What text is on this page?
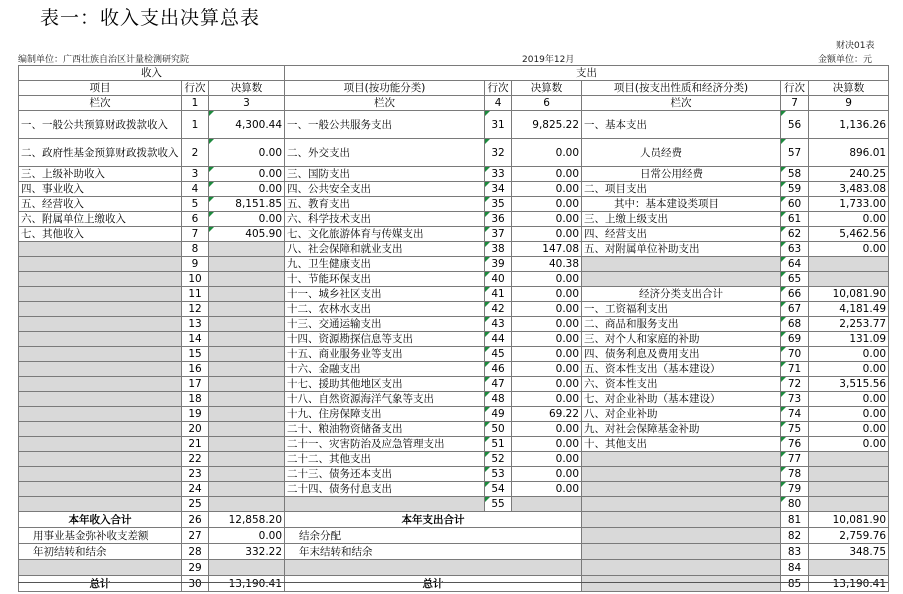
表一：收入支出决算总表
财决01表
编制单位：广西壮族自治区计量检测研究院	2019年12月	金额单位：元
收入			支出					
项目	行次	决算数	项目(按功能分类)	行次	决算数	项目(按支出性质和经济分类)	行次	决算数
栏次	1	3	栏次	4	6	栏次	7	9
一、一般公共预算财政拨款收入	1	4,300.44	一、一般公共服务支出	31	9,825.22	一、基本支出	56	1,136.26
二、政府性基金预算财政拨款收入	2	0.00	二、外交支出	32	0.00	人员经费	57	896.01
三、上级补助收入	3	0.00	三、国防支出	33	0.00	日常公用经费	58	240.25
四、事业收入	4	0.00	四、公共安全支出	34	0.00	二、项目支出	59	3,483.08
五、经营收入	5	8,151.85	五、教育支出	35	0.00	其中：基本建设类项目	60	1,733.00
六、附属单位上缴收入	6	0.00	六、科学技术支出	36	0.00	三、上缴上级支出	61	0.00
七、其他收入	7	405.90	七、文化旅游体育与传媒支出	37	0.00	四、经营支出	62	5,462.56
	8		八、社会保障和就业支出	38	147.08	五、对附属单位补助支出	63	0.00
	9		九、卫生健康支出	39	40.38		64	
	10		十、节能环保支出	40	0.00		65	
	11		十一、城乡社区支出	41	0.00	经济分类支出合计	66	10,081.90
	12		十二、农林水支出	42	0.00	一、工资福利支出	67	4,181.49
	13		十三、交通运输支出	43	0.00	二、商品和服务支出	68	2,253.77
	14		十四、资源勘探信息等支出	44	0.00	三、对个人和家庭的补助	69	131.09
	15		十五、商业服务业等支出	45	0.00	四、债务利息及费用支出	70	0.00
	16		十六、金融支出	46	0.00	五、资本性支出（基本建设）	71	0.00
	17		十七、援助其他地区支出	47	0.00	六、资本性支出	72	3,515.56
	18		十八、自然资源海洋气象等支出	48	0.00	七、对企业补助（基本建设）	73	0.00
	19		十九、住房保障支出	49	69.22	八、对企业补助	74	0.00
	20		二十、粮油物资储备支出	50	0.00	九、对社会保障基金补助	75	0.00
	21		二十一、灾害防治及应急管理支出	51	0.00	十、其他支出	76	0.00
	22		二十二、其他支出	52	0.00		77	
	23		二十三、债务还本支出	53	0.00		78	
	24		二十四、债务付息支出	54	0.00		79	
	25			55			80	
本年收入合计	26	12,858.20	本年支出合计				81	10,081.90
用事业基金弥补收支差额	27	0.00	结余分配				82	2,759.76
年初结转和结余	28	332.22	年末结转和结余				83	348.75
	29						84	
总计	30	13,190.41	总计				85	13,190.41
